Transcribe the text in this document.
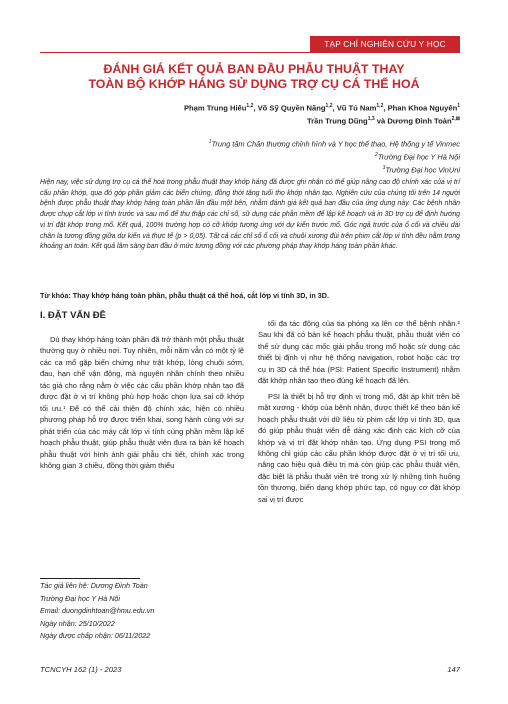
TẠP CHÍ NGHIÊN CỨU Y HỌC
ĐÁNH GIÁ KẾT QUẢ BAN ĐẦU PHẪU THUẬT THAY
TOÀN BỘ KHỚP HÁNG SỬ DỤNG TRỢ CỤ CÁ THỂ HOÁ
Phạm Trung Hiếu$^{1,2}$, Võ Sỹ Quyền Năng$^{1,2}$, Vũ Tú Nam$^{1,2}$, Phan Khoa Nguyên$^1$
Trần Trung Dũng$^{1,3}$ và Dương Đình Toàn$^{2,⊠}$
$^1$Trung tâm Chấn thương chỉnh hình và Y học thể thao, Hệ thống y tế Vinmec
$^2$Trường Đại học Y Hà Nội
$^3$Trường Đại học VinUni
Hiện nay, việc sử dụng trợ cụ cá thể hoá trong phẫu thuật thay khớp háng đã được ghi nhận có thể giúp nâng cao độ chính xác của vị trí cấu phần khớp, qua đó góp phần giảm các biến chứng, đồng thời tăng tuổi thọ khớp nhân tạo. Nghiên cứu của chúng tôi trên 14 người bệnh được phẫu thuật thay khớp háng toàn phần lần đầu một bên, nhằm đánh giá kết quả ban đầu của ứng dụng này. Các bệnh nhân được chụp cắt lớp vi tính trước và sau mổ để thu thập các chỉ số, sử dụng các phần mềm để lập kế hoạch và in 3D trợ cụ để định hướng vị trí đặt khớp trong mổ. Kết quả, 100% trường hợp có cỡ khớp tương ứng với dự kiến trước mổ. Góc ngả trước của ổ cối và chiều dài chân la tương đồng giữa dự kiến và thực tế (p > 0,05). Tất cả các chỉ số ổ cối và chuôi xương đùi trên phim cắt lớp vi tính đều nằm trong khoảng an toàn. Kết quả lâm sàng ban đầu ở mức tương đồng với các phương pháp thay khớp háng toàn phần khác.
Từ khóa: Thay khớp háng toàn phần, phẫu thuật cá thể hoá, cắt lớp vi tính 3D, in 3D.
I. ĐẶT VẤN ĐỀ

Dù thay khớp háng toàn phần đã trở thành một phẫu thuật thường quy ở nhiều nơi. Tuy nhiên, mỗi năm vẫn có một tỷ lệ các ca mổ gặp biến chứng như trật khớp, lỏng chuôi sớm, đau, hạn chế vận động, mà nguyên nhân chính theo nhiều tác giả cho rằng nằm ở việc các cấu phần khớp nhân tạo đã được đặt ở vị trí không phù hợp hoặc chọn lựa sai cỡ khớp tối ưu.¹ Để có thể cải thiện độ chính xác, hiện có nhiều phương pháp hỗ trợ được triển khai, song hành cùng với sự phát triển của các máy cắt lớp vi tính cùng phần mềm lập kế hoạch phẫu thuật, giúp phẫu thuật viên đưa ra bản kế hoạch phẫu thuật với hình ảnh giải phẫu chi tiết, chính xác trong không gian 3 chiều, đồng thời giảm thiểu

tối đa tác động của tia phóng xạ lên cơ thể bệnh nhân.² Sau khi đã có bản kế hoạch phẫu thuật, phẫu thuật viên có thể sử dụng các mốc giải phẫu trong mổ hoặc sử dụng các thiết bị định vị như hệ thống navigation, robot hoặc các trợ cụ in 3D cá thể hóa (PSI: Patient Specific Instrument) nhằm đặt khớp nhân tạo theo đúng kế hoạch đã lên.

PSI là thiết bị hỗ trợ định vị trong mổ, đặt áp khít trên bề mặt xương - khớp của bệnh nhân, được thiết kế theo bản kế hoạch phẫu thuật với dữ liệu từ phim cắt lớp vi tính 3D, qua đó giúp phẫu thuật viên dễ dàng xác định các kích cỡ của khớp và vị trí đặt khớp nhân tạo. Ứng dụng PSI trong mổ không chỉ giúp các cấu phần khớp được đặt ở vị trí tối ưu, nâng cao hiệu quả điều trị mà còn giúp các phẫu thuật viên, đặc biệt là phẫu thuật viên trẻ trong xử lý những tình huống tồn thương, biến dạng khớp phức tạp, có nguy cơ đặt khớp sai vị trí được

Tác giả liên hệ: Dương Đình Toàn
Trường Đại học Y Hà Nội
Email: duongdinhtoan@hmu.edu.vn
Ngày nhận: 25/10/2022
Ngày được chấp nhận: 06/11/2022
TCNCYH 162 (1) - 2023	147
